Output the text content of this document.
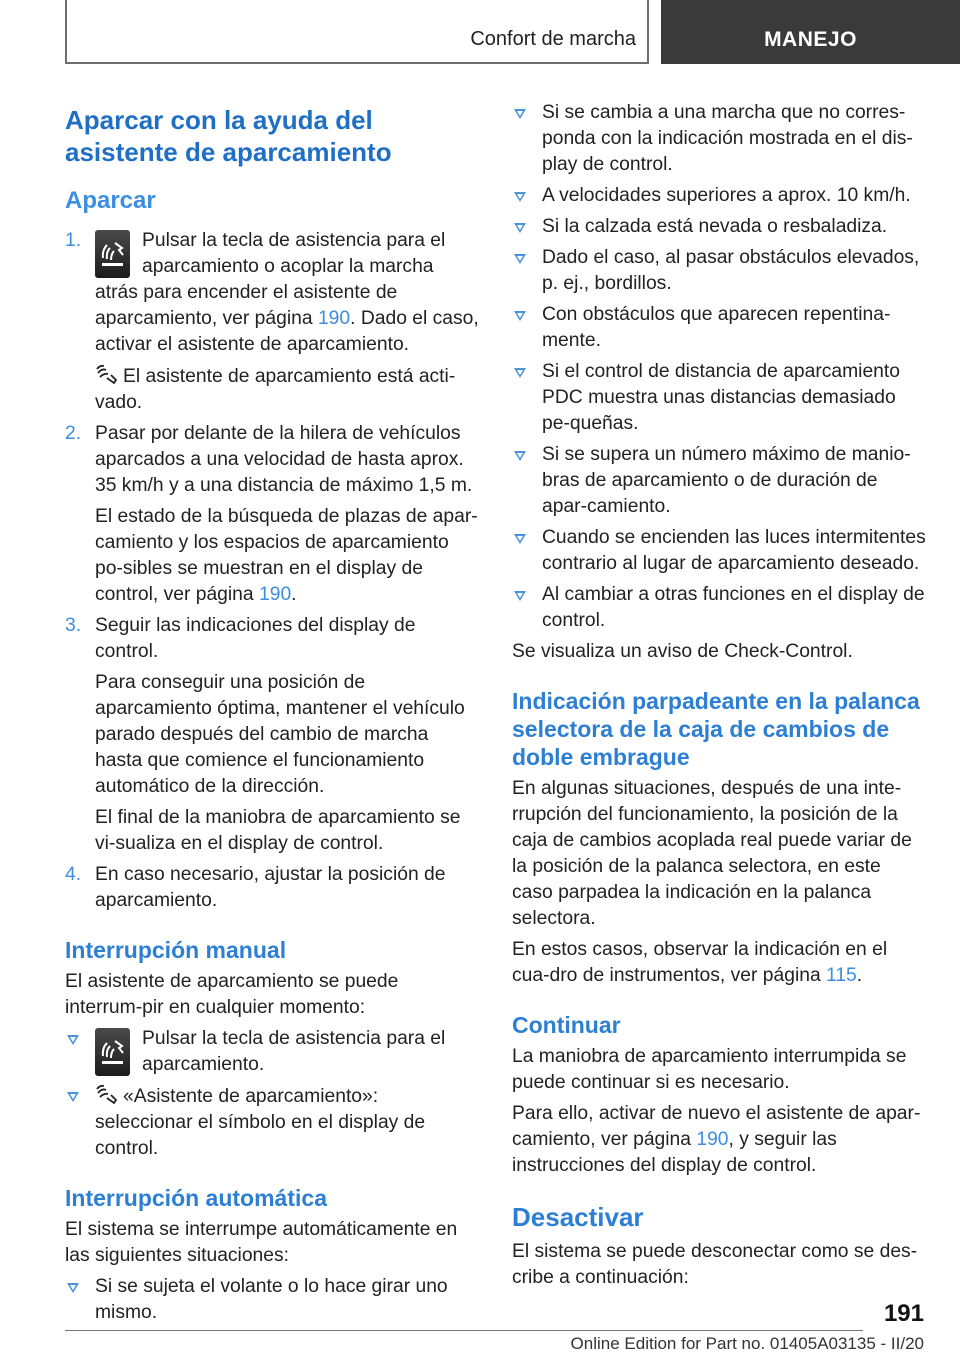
Confort de marcha	MANEJO
Aparcar con la ayuda del asistente de aparcamiento
Aparcar
1.	Pulsar la tecla de asistencia para el aparcamiento o acoplar la marcha atrás para encender el asistente de aparcamiento, ver página 190. Dado el caso, activar el asistente de aparcamiento.
El asistente de aparcamiento está acti-vado.
2. Pasar por delante de la hilera de vehículos aparcados a una velocidad de hasta aprox. 35 km/h y a una distancia de máximo 1,5 m.
El estado de la búsqueda de plazas de apar-camiento y los espacios de aparcamiento po-sibles se muestran en el display de control, ver página 190.
3. Seguir las indicaciones del display de control.
Para conseguir una posición de aparcamiento óptima, mantener el vehículo parado después del cambio de marcha hasta que comience el funcionamiento automático de la dirección.
El final de la maniobra de aparcamiento se vi-sualiza en el display de control.
4. En caso necesario, ajustar la posición de aparcamiento.
Interrupción manual
El asistente de aparcamiento se puede interrum-pir en cualquier momento:
Pulsar la tecla de asistencia para el aparcamiento.
«Asistente de aparcamiento»: seleccionar el símbolo en el display de control.
Interrupción automática
El sistema se interrumpe automáticamente en las siguientes situaciones:
Si se sujeta el volante o lo hace girar uno mismo.
Si se cambia a una marcha que no corres-ponda con la indicación mostrada en el dis-play de control.
A velocidades superiores a aprox. 10 km/h.
Si la calzada está nevada o resbaladiza.
Dado el caso, al pasar obstáculos elevados, p. ej., bordillos.
Con obstáculos que aparecen repentina-mente.
Si el control de distancia de aparcamiento PDC muestra unas distancias demasiado pe-queñas.
Si se supera un número máximo de manio-bras de aparcamiento o de duración de apar-camiento.
Cuando se encienden las luces intermitentes contrario al lugar de aparcamiento deseado.
Al cambiar a otras funciones en el display de control.
Se visualiza un aviso de Check-Control.
Indicación parpadeante en la palanca selectora de la caja de cambios de doble embrague
En algunas situaciones, después de una inte-rrupción del funcionamiento, la posición de la caja de cambios acoplada real puede variar de la posición de la palanca selectora, en este caso parpadea la indicación en la palanca selectora.
En estos casos, observar la indicación en el cua-dro de instrumentos, ver página 115.
Continuar
La maniobra de aparcamiento interrumpida se puede continuar si es necesario.
Para ello, activar de nuevo el asistente de apar-camiento, ver página 190, y seguir las instrucciones del display de control.
Desactivar
El sistema se puede desconectar como se des-cribe a continuación:
191
Online Edition for Part no. 01405A03135 - II/20
